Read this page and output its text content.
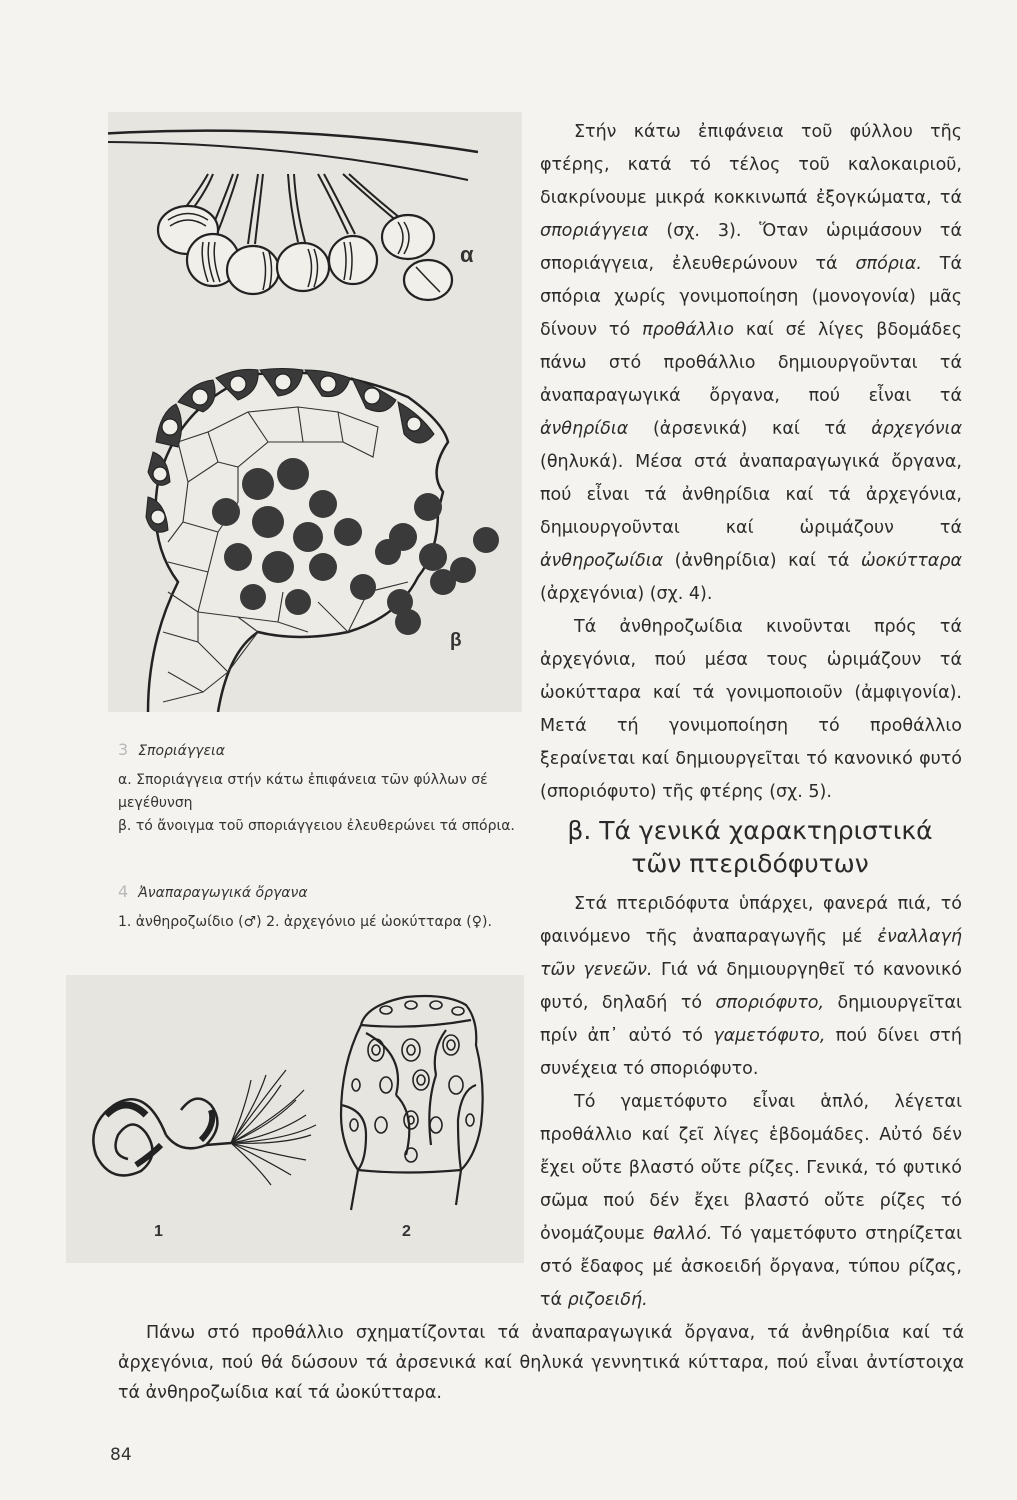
α
β
3 Σποριάγγεια
α. Σποριάγγεια στήν κάτω ἐπιφάνεια τῶν φύλλων σέ μεγέθυνση
β. τό ἄνοιγμα τοῦ σποριάγγειου ἐλευθερώνει τά σπόρια.
4 Ἀναπαραγωγικά ὄργανα
1. ἀνθηροζωίδιο (♂) 2. ἀρχεγόνιο μέ ὠοκύτταρα (♀).
1	2

Στήν κάτω ἐπιφάνεια τοῦ φύλλου τῆς φτέρης, κατά τό τέλος τοῦ καλοκαιριοῦ, διακρίνουμε μικρά κοκκινωπά ἐξογκώματα, τά σποριάγγεια (σχ. 3). Ὅταν ὡριμάσουν τά σποριάγγεια, ἐλευθερώνουν τά σπόρια. Τά σπόρια χωρίς γονιμοποίηση (μονογονία) μᾶς δίνουν τό προθάλλιο καί σέ λίγες βδομάδες πάνω στό προθάλλιο δημιουργοῦνται τά ἀναπαραγωγικά ὄργανα, πού εἶναι τά ἀνθηρίδια (ἀρσενικά) καί τά ἀρχεγόνια (θηλυκά). Μέσα στά ἀναπαραγωγικά ὄργανα, πού εἶναι τά ἀνθηρίδια καί τά ἀρχεγόνια, δημιουργοῦνται καί ὡριμάζουν τά ἀνθηροζωίδια (ἀνθηρίδια) καί τά ὠοκύτταρα (ἀρχεγόνια) (σχ. 4).

Τά ἀνθηροζωίδια κινοῦνται πρός τά ἀρχεγόνια, πού μέσα τους ὡριμάζουν τά ὠοκύτταρα καί τά γονιμοποιοῦν (ἀμφιγονία). Μετά τή γονιμοποίηση τό προθάλλιο ξεραίνεται καί δημιουργεῖται τό κανονικό φυτό (σποριόφυτο) τῆς φτέρης (σχ. 5).

β. Τά γενικά χαρακτηριστικά
τῶν πτεριδόφυτων

Στά πτεριδόφυτα ὑπάρχει, φανερά πιά, τό φαινόμενο τῆς ἀναπαραγωγῆς μέ ἐναλλαγή τῶν γενεῶν. Γιά νά δημιουργηθεῖ τό κανονικό φυτό, δηλαδή τό σποριόφυτο, δημιουργεῖται πρίν ἀπ᾿ αὐτό τό γαμετόφυτο, πού δίνει στή συνέχεια τό σποριόφυτο.

Τό γαμετόφυτο εἶναι ἁπλό, λέγεται προθάλλιο καί ζεῖ λίγες ἑβδομάδες. Αὐτό δέν ἔχει οὔτε βλαστό οὔτε ρίζες. Γενικά, τό φυτικό σῶμα πού δέν ἔχει βλαστό οὔτε ρίζες τό ὀνομάζουμε θαλλό. Τό γαμετόφυτο στηρίζεται στό ἔδαφος μέ ἀσκοειδή ὄργανα, τύπου ρίζας, τά ριζοειδή.

Πάνω στό προθάλλιο σχηματίζονται τά ἀναπαραγωγικά ὄργανα, τά ἀνθηρίδια καί τά ἀρχεγόνια, πού θά δώσουν τά ἀρσενικά καί θηλυκά γεννητικά κύτταρα, πού εἶναι ἀντίστοιχα τά ἀνθηροζωίδια καί τά ὠοκύτταρα.

84
